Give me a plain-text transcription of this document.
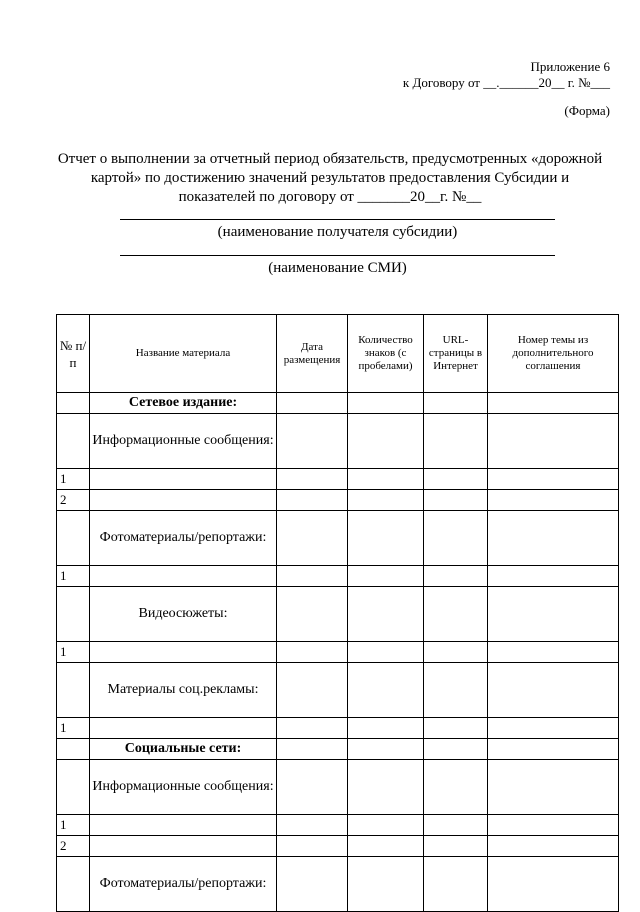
Приложение 6
к Договору от __.______20__ г. №___
(Форма)
Отчет о выполнении за отчетный период обязательств, предусмотренных «дорожной
картой» по достижению значений результатов предоставления Субсидии и
показателей по договору от _______20__г. №__
(наименование получателя субсидии)
(наименование СМИ)
№ п/ п	Название материала	Дата размещения	Количество знаков (с пробелами)	URL-страницы в Интернет	Номер темы из дополнительного соглашения
	Сетевое издание:				
	Информационные сообщения:				
1					
2					
	Фотоматериалы/репортажи:				
1					
	Видеосюжеты:				
1					
	Материалы соц.рекламы:				
1					
	Социальные сети:				
	Информационные сообщения:				
1					
2					
	Фотоматериалы/репортажи:				
